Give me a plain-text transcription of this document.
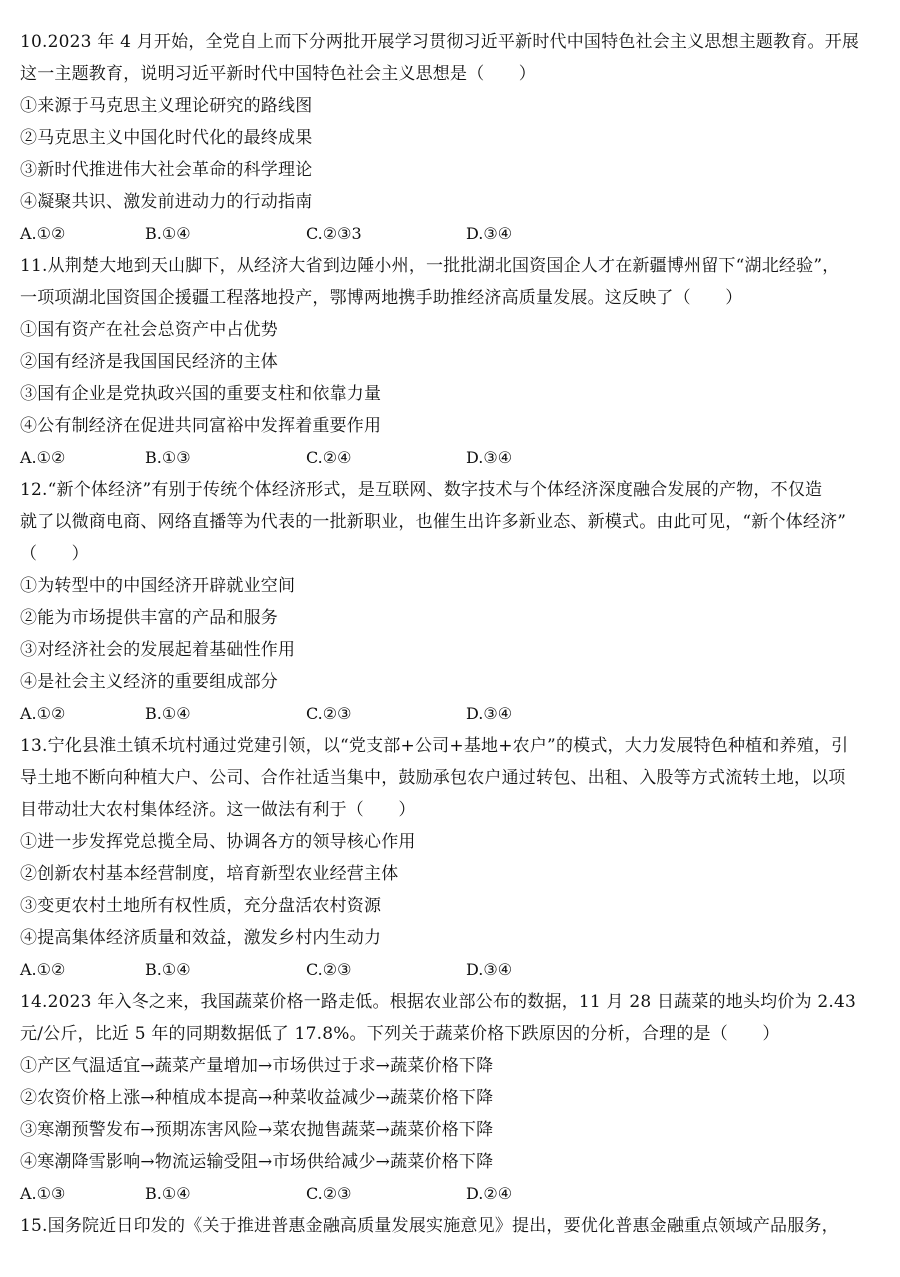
10.2023 年 4 月开始，全党自上而下分两批开展学习贯彻习近平新时代中国特色社会主义思想主题教育。开展
这一主题教育，说明习近平新时代中国特色社会主义思想是（　　）
①来源于马克思主义理论研究的路线图
②马克思主义中国化时代化的最终成果
③新时代推进伟大社会革命的科学理论
④凝聚共识、激发前进动力的行动指南
A.①②	B.①④	C.②③3	D.③④
11.从荆楚大地到天山脚下，从经济大省到边陲小州，一批批湖北国资国企人才在新疆博州留下“湖北经验”，
一项项湖北国资国企援疆工程落地投产，鄂博两地携手助推经济高质量发展。这反映了（　　）
①国有资产在社会总资产中占优势
②国有经济是我国国民经济的主体
③国有企业是党执政兴国的重要支柱和依靠力量
④公有制经济在促进共同富裕中发挥着重要作用
A.①②	B.①③	C.②④	D.③④
12.“新个体经济”有别于传统个体经济形式，是互联网、数字技术与个体经济深度融合发展的产物，不仅造
就了以微商电商、网络直播等为代表的一批新职业，也催生出许多新业态、新模式。由此可见，“新个体经济”
（　　）
①为转型中的中国经济开辟就业空间
②能为市场提供丰富的产品和服务
③对经济社会的发展起着基础性作用
④是社会主义经济的重要组成部分
A.①②	B.①④	C.②③	D.③④
13.宁化县淮土镇禾坑村通过党建引领，以“党支部+公司+基地+农户”的模式，大力发展特色种植和养殖，引
导土地不断向种植大户、公司、合作社适当集中，鼓励承包农户通过转包、出租、入股等方式流转土地，以项
目带动壮大农村集体经济。这一做法有利于（　　）
①进一步发挥党总揽全局、协调各方的领导核心作用
②创新农村基本经营制度，培育新型农业经营主体
③变更农村土地所有权性质，充分盘活农村资源
④提高集体经济质量和效益，激发乡村内生动力
A.①②	B.①④	C.②③	D.③④
14.2023 年入冬之来，我国蔬菜价格一路走低。根据农业部公布的数据，11 月 28 日蔬菜的地头均价为 2.43
元/公斤，比近 5 年的同期数据低了 17.8%。下列关于蔬菜价格下跌原因的分析，合理的是（　　）
①产区气温适宜→蔬菜产量增加→市场供过于求→蔬菜价格下降
②农资价格上涨→种植成本提高→种菜收益减少→蔬菜价格下降
③寒潮预警发布→预期冻害风险→菜农抛售蔬菜→蔬菜价格下降
④寒潮降雪影响→物流运输受阻→市场供给减少→蔬菜价格下降
A.①③	B.①④	C.②③	D.②④
15.国务院近日印发的《关于推进普惠金融高质量发展实施意见》提出，要优化普惠金融重点领域产品服务，
